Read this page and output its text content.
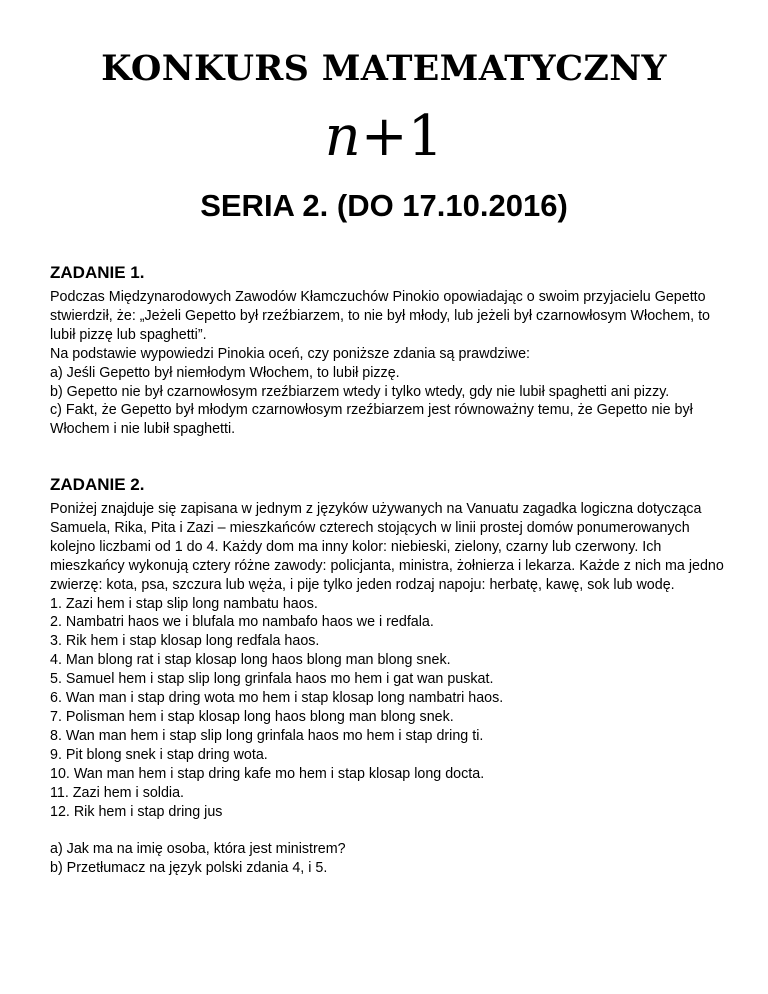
KONKURS MATEMATYCZNY
n+1
SERIA 2. (DO 17.10.2016)
ZADANIE 1.

Podczas Międzynarodowych Zawodów Kłamczuchów Pinokio opowiadając o swoim przyjacielu Gepetto stwierdził, że: „Jeżeli Gepetto był rzeźbiarzem, to nie był młody, lub jeżeli był czarnowłosym Włochem, to lubił pizzę lub spaghetti”.

Na podstawie wypowiedzi Pinokia oceń, czy poniższe zdania są prawdziwe:

a) Jeśli Gepetto był niemłodym Włochem, to lubił pizzę.

b) Gepetto nie był czarnowłosym rzeźbiarzem wtedy i tylko wtedy, gdy nie lubił spaghetti ani pizzy.

c) Fakt, że Gepetto był młodym czarnowłosym rzeźbiarzem jest równoważny temu, że Gepetto nie był Włochem i nie lubił spaghetti.

ZADANIE 2.

Poniżej znajduje się zapisana w jednym z języków używanych na Vanuatu zagadka logiczna dotycząca Samuela, Rika, Pita i Zazi – mieszkańców czterech stojących w linii prostej domów ponumerowanych kolejno liczbami od 1 do 4. Każdy dom ma inny kolor: niebieski, zielony, czarny lub czerwony. Ich mieszkańcy wykonują cztery różne zawody: policjanta, ministra, żołnierza i lekarza. Każde z nich ma jedno zwierzę: kota, psa, szczura lub węża, i pije tylko jeden rodzaj napoju: herbatę, kawę, sok lub wodę.

1. Zazi hem i stap slip long nambatu haos.

2. Nambatri haos we i blufala mo nambafo haos we i redfala.

3. Rik hem i stap klosap long redfala haos.

4. Man blong rat i stap klosap long haos blong man blong snek.

5. Samuel hem i stap slip long grinfala haos mo hem i gat wan puskat.

6. Wan man i stap dring wota mo hem i stap klosap long nambatri haos.

7. Polisman hem i stap klosap long haos blong man blong snek.

8. Wan man hem i stap slip long grinfala haos mo hem i stap dring ti.

9. Pit blong snek i stap dring wota.

10. Wan man hem i stap dring kafe mo hem i stap klosap long docta.

11. Zazi hem i soldia.

12. Rik hem i stap dring jus

a) Jak ma na imię osoba, która jest ministrem?

b) Przetłumacz na język polski zdania 4, i 5.
